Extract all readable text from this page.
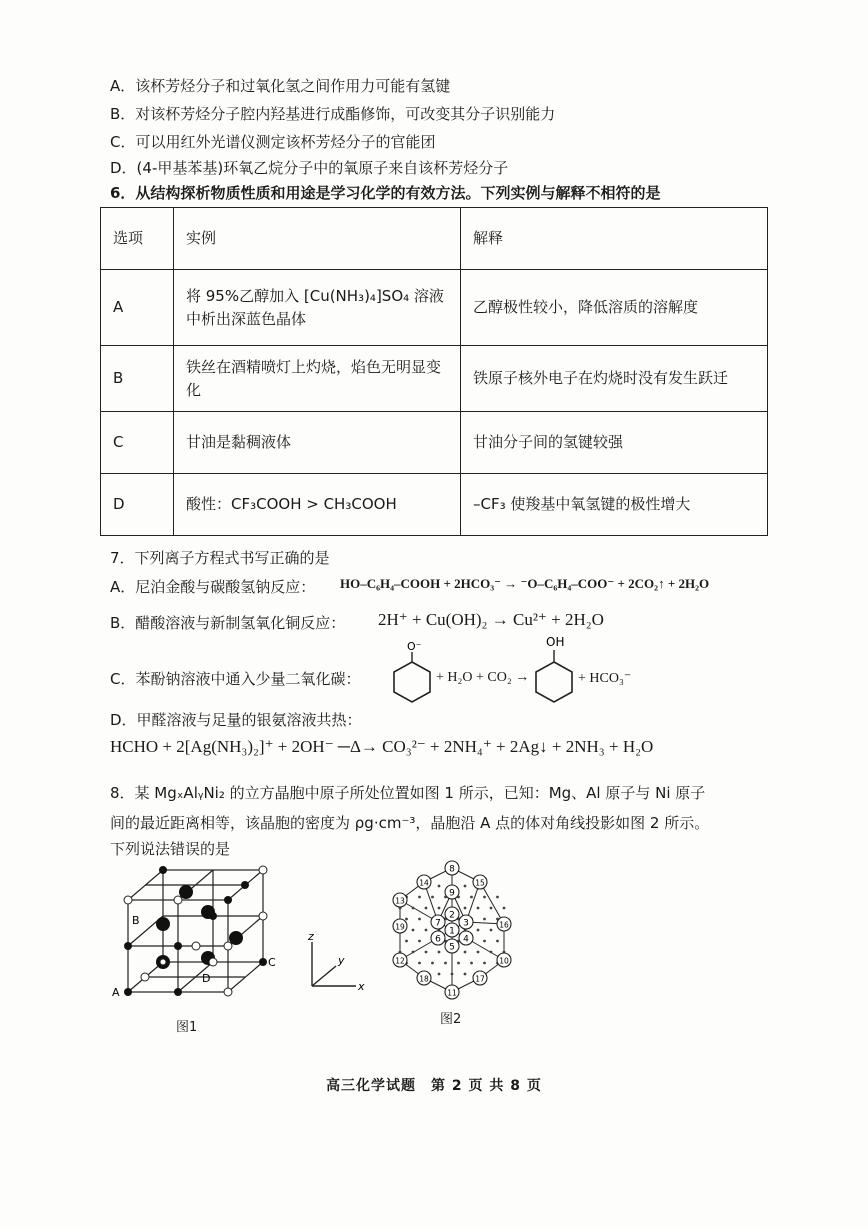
A．该杯芳烃分子和过氧化氢之间作用力可能有氢键
B．对该杯芳烃分子腔内羟基进行成酯修饰，可改变其分子识别能力
C．可以用红外光谱仪测定该杯芳烃分子的官能团
D．(4-甲基苯基)环氧乙烷分子中的氧原子来自该杯芳烃分子
6．从结构探析物质性质和用途是学习化学的有效方法。下列实例与解释不相符的是
选项	实例	解释
A	将 95%乙醇加入 [Cu(NH₃)₄]SO₄ 溶液中析出深蓝色晶体	乙醇极性较小，降低溶质的溶解度
B	铁丝在酒精喷灯上灼烧，焰色无明显变化	铁原子核外电子在灼烧时没有发生跃迁
C	甘油是黏稠液体	甘油分子间的氢键较强
D	酸性：CF₃COOH > CH₃COOH	–CF₃ 使羧基中氧氢键的极性增大
7．下列离子方程式书写正确的是
A．尼泊金酸与碳酸氢钠反应： HO–C₆H₄–COOH + 2HCO₃⁻ → ⁻O–C₆H₄–COO⁻ + 2CO₂↑ + 2H₂O
B．醋酸溶液与新制氢氧化铜反应： 2H⁺ + Cu(OH)₂ → Cu²⁺ + 2H₂O
C．苯酚钠溶液中通入少量二氧化碳：
O⁻
+ H₂O + CO₂ →
OH
+ HCO₃⁻
D．甲醛溶液与足量的银氨溶液共热：
HCHO + 2[Ag(NH₃)₂]⁺ + 2OH⁻ ─Δ→ CO₃²⁻ + 2NH₄⁺ + 2Ag↓ + 2NH₃ + H₂O
8．某 MgₓAlᵧNi₂ 的立方晶胞中原子所处位置如图 1 所示，已知：Mg、Al 原子与 Ni 原子
间的最近距离相等，该晶胞的密度为 ρg·cm⁻³，晶胞沿 A 点的体对角线投影如图 2 所示。
下列说法错误的是
A
B
C
D
图1
z
y
x
1
2
3
4
5
6
7
8
9
10
11
12
13
14	15
16
17
18
19
图2
高三化学试题　第 2 页 共 8 页
